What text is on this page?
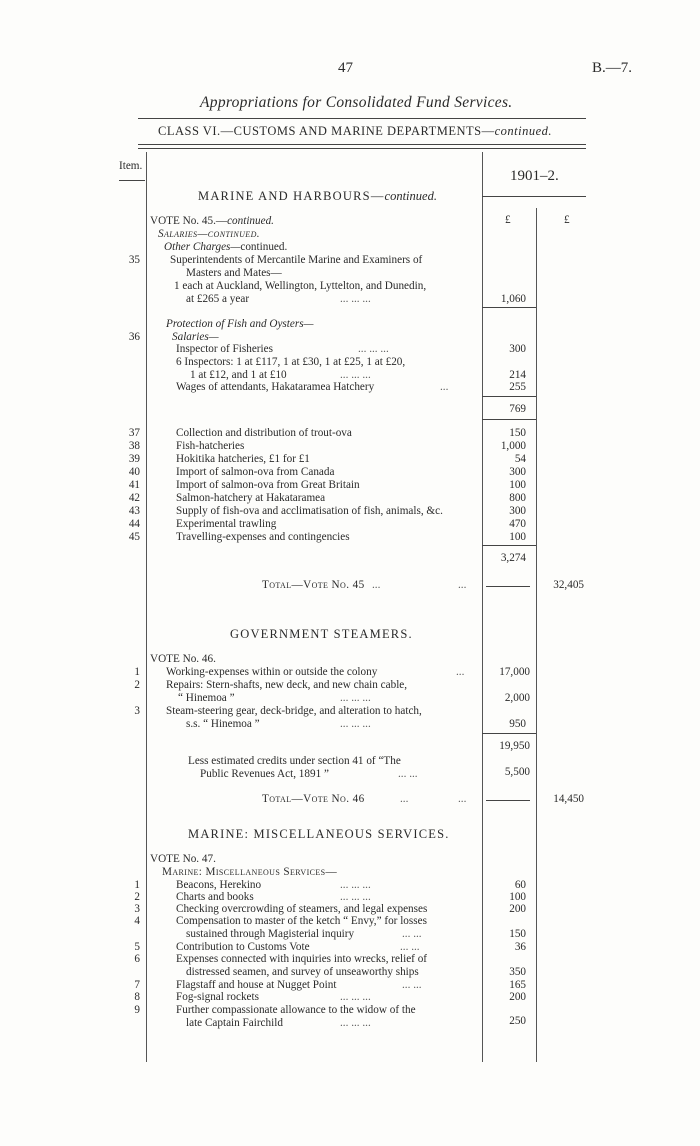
47	B.—7.
Appropriations for Consolidated Fund Services.
CLASS VI.—CUSTOMS AND MARINE DEPARTMENTS—continued.
Item.
1901–2.
MARINE AND HARBOURS—continued.
VOTE No. 45.—continued.	£	£
Salaries—continued.
Other Charges—continued.
35	Superintendents of Mercantile Marine and Examiners of
Masters and Mates—
1 each at Auckland, Wellington, Lyttelton, and Dunedin,
at £265 a year	... ... ...	1,060
Protection of Fish and Oysters—
36	Salaries—
Inspector of Fisheries	... ... ...	300
6 Inspectors: 1 at £117, 1 at £30, 1 at £25, 1 at £20,
1 at £12, and 1 at £10	... ... ...	214
Wages of attendants, Hakataramea Hatchery	...	255
769
37	Collection and distribution of trout-ova	150
38	Fish-hatcheries	1,000
39	Hokitika hatcheries, £1 for £1	54
40	Import of salmon-ova from Canada	300
41	Import of salmon-ova from Great Britain	100
42	Salmon-hatchery at Hakataramea	800
43	Supply of fish-ova and acclimatisation of fish, animals, &c.	300
44	Experimental trawling	470
45	Travelling-expenses and contingencies	100
3,274
Total—Vote No. 45 ...	...	32,405
GOVERNMENT STEAMERS.
VOTE No. 46.
1 Working-expenses within or outside the colony	...	17,000
2 Repairs: Stern-shafts, new deck, and new chain cable,
“ Hinemoa ”	... ... ...	2,000
3 Steam-steering gear, deck-bridge, and alteration to hatch,
s.s. “ Hinemoa ”	... ... ...	950
19,950
Less estimated credits under section 41 of “The
Public Revenues Act, 1891 ”	... ...	5,500
Total—Vote No. 46	...	...	14,450
MARINE: MISCELLANEOUS SERVICES.
VOTE No. 47.
Marine: Miscellaneous Services—
1	Beacons, Herekino	... ... ...	60
2	Charts and books	... ... ...	100
3	Checking overcrowding of steamers, and legal expenses	200
4	Compensation to master of the ketch “ Envy,” for losses
sustained through Magisterial inquiry	... ...	150
5	Contribution to Customs Vote	... ...	36
6	Expenses connected with inquiries into wrecks, relief of
distressed seamen, and survey of unseaworthy ships	350
7	Flagstaff and house at Nugget Point	... ...	165
8	Fog-signal rockets	... ... ...	200
9	Further compassionate allowance to the widow of the
late Captain Fairchild	... ... ...	250
